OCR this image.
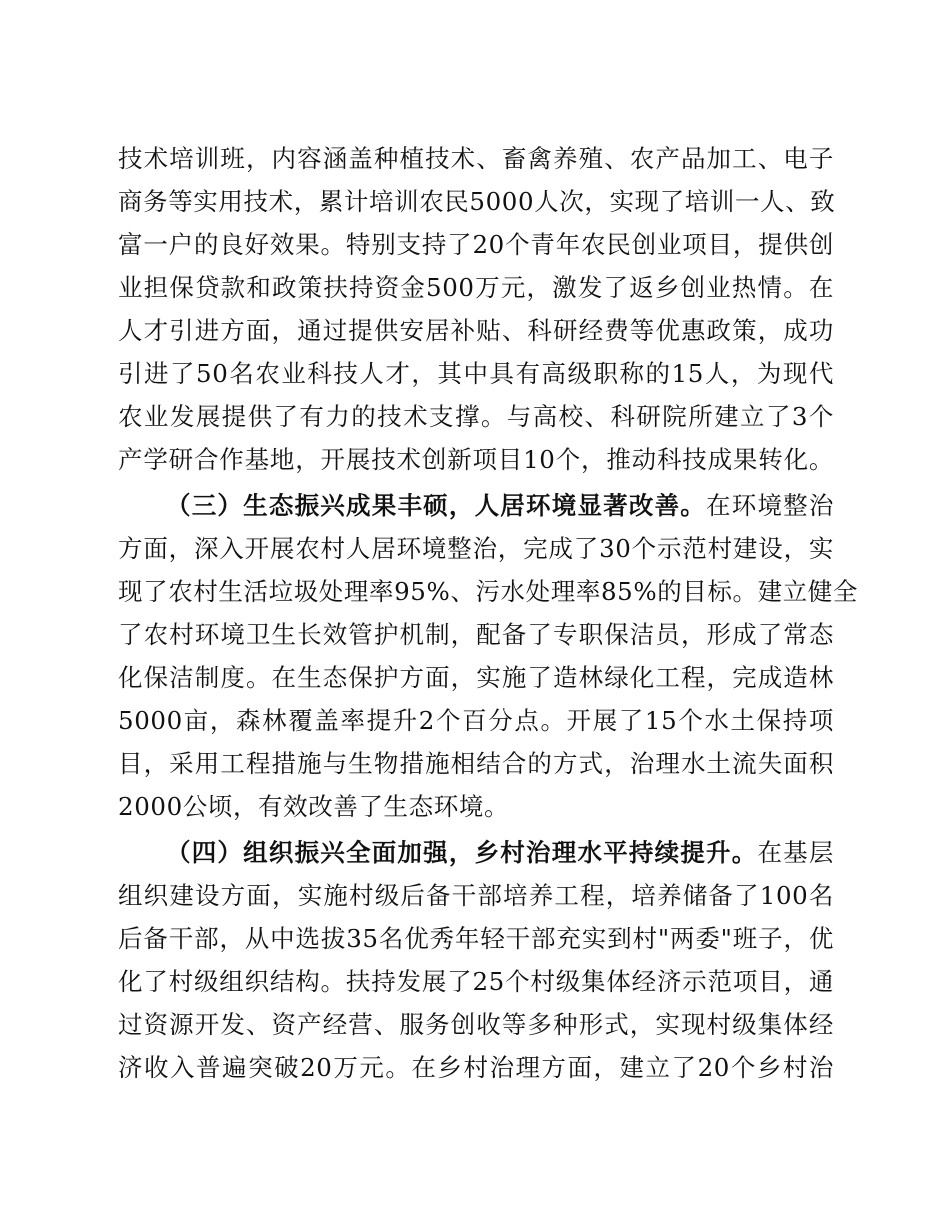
技术培训班，内容涵盖种植技术、畜禽养殖、农产品加工、电子
商务等实用技术，累计培训农民5000人次，实现了培训一人、致
富一户的良好效果。特别支持了20个青年农民创业项目，提供创
业担保贷款和政策扶持资金500万元，激发了返乡创业热情。在
人才引进方面，通过提供安居补贴、科研经费等优惠政策，成功
引进了50名农业科技人才，其中具有高级职称的15人，为现代
农业发展提供了有力的技术支撑。与高校、科研院所建立了3个
产学研合作基地，开展技术创新项目10个，推动科技成果转化。
（三）生态振兴成果丰硕，人居环境显著改善。在环境整治
方面，深入开展农村人居环境整治，完成了30个示范村建设，实
现了农村生活垃圾处理率95%、污水处理率85%的目标。建立健全
了农村环境卫生长效管护机制，配备了专职保洁员，形成了常态
化保洁制度。在生态保护方面，实施了造林绿化工程，完成造林
5000亩，森林覆盖率提升2个百分点。开展了15个水土保持项
目，采用工程措施与生物措施相结合的方式，治理水土流失面积
2000公顷，有效改善了生态环境。
（四）组织振兴全面加强，乡村治理水平持续提升。在基层
组织建设方面，实施村级后备干部培养工程，培养储备了100名
后备干部，从中选拔35名优秀年轻干部充实到村"两委"班子，优
化了村级组织结构。扶持发展了25个村级集体经济示范项目，通
过资源开发、资产经营、服务创收等多种形式，实现村级集体经
济收入普遍突破20万元。在乡村治理方面，建立了20个乡村治
